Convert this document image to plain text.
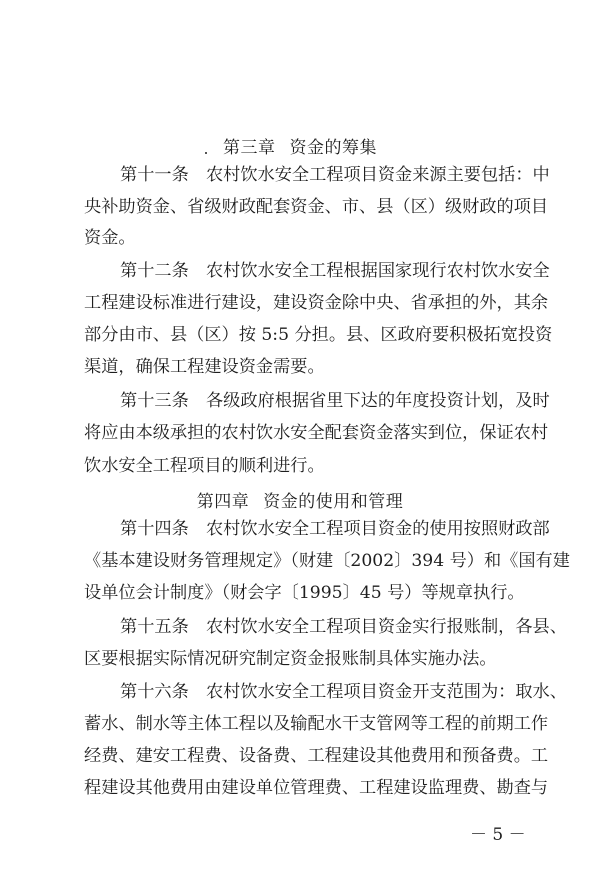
第三章 资金的筹集
第十一条　农村饮水安全工程项目资金来源主要包括：中
央补助资金、省级财政配套资金、市、县（区）级财政的项目
资金。
第十二条　农村饮水安全工程根据国家现行农村饮水安全
工程建设标准进行建设，建设资金除中央、省承担的外，其余
部分由市、县（区）按 5:5 分担。县、区政府要积极拓宽投资
渠道，确保工程建设资金需要。
第十三条　各级政府根据省里下达的年度投资计划，及时
将应由本级承担的农村饮水安全配套资金落实到位，保证农村
饮水安全工程项目的顺利进行。
第四章 资金的使用和管理
第十四条　农村饮水安全工程项目资金的使用按照财政部
《基本建设财务管理规定》（财建〔2002〕394 号）和《国有建
设单位会计制度》（财会字〔1995〕45 号）等规章执行。
第十五条　农村饮水安全工程项目资金实行报账制，各县、
区要根据实际情况研究制定资金报账制具体实施办法。
第十六条　农村饮水安全工程项目资金开支范围为：取水、
蓄水、制水等主体工程以及输配水干支管网等工程的前期工作
经费、建安工程费、设备费、工程建设其他费用和预备费。工
程建设其他费用由建设单位管理费、工程建设监理费、勘查与
－ 5 －
